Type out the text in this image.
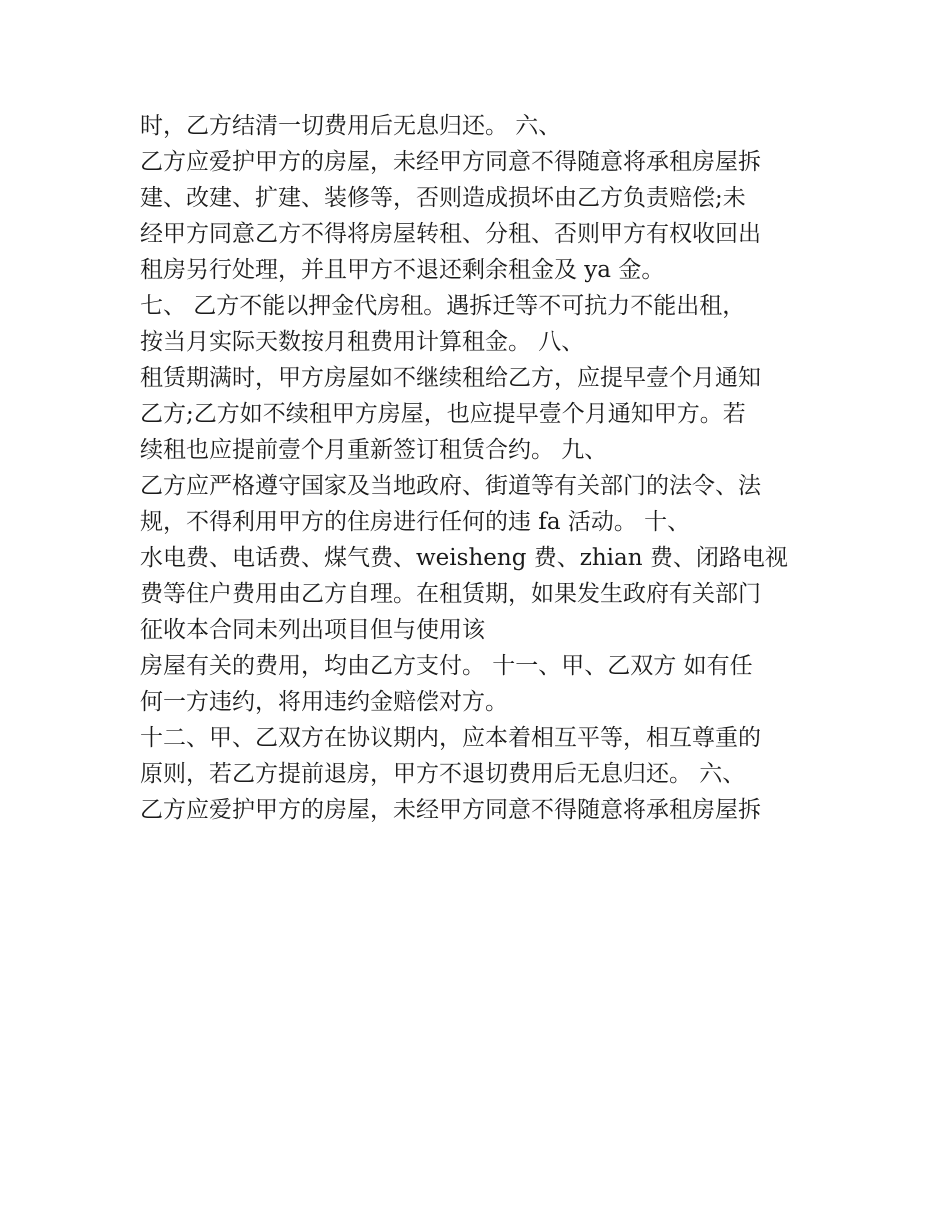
时，乙方结清一切费用后无息归还。 六、
乙方应爱护甲方的房屋，未经甲方同意不得随意将承租房屋拆
建、改建、扩建、装修等，否则造成损坏由乙方负责赔偿;未
经甲方同意乙方不得将房屋转租、分租、否则甲方有权收回出
租房另行处理，并且甲方不退还剩余租金及 ya 金。
七、 乙方不能以押金代房租。遇拆迁等不可抗力不能出租，
按当月实际天数按月租费用计算租金。 八、
租赁期满时，甲方房屋如不继续租给乙方，应提早壹个月通知
乙方;乙方如不续租甲方房屋，也应提早壹个月通知甲方。若
续租也应提前壹个月重新签订租赁合约。 九、
乙方应严格遵守国家及当地政府、街道等有关部门的法令、法
规，不得利用甲方的住房进行任何的违 fa 活动。 十、
水电费、电话费、煤气费、weisheng 费、zhian 费、闭路电视
费等住户费用由乙方自理。在租赁期，如果发生政府有关部门
征收本合同未列出项目但与使用该
房屋有关的费用，均由乙方支付。 十一、甲、乙双方 如有任
何一方违约，将用违约金赔偿对方。
十二、甲、乙双方在协议期内，应本着相互平等，相互尊重的
原则，若乙方提前退房，甲方不退切费用后无息归还。 六、
乙方应爱护甲方的房屋，未经甲方同意不得随意将承租房屋拆
